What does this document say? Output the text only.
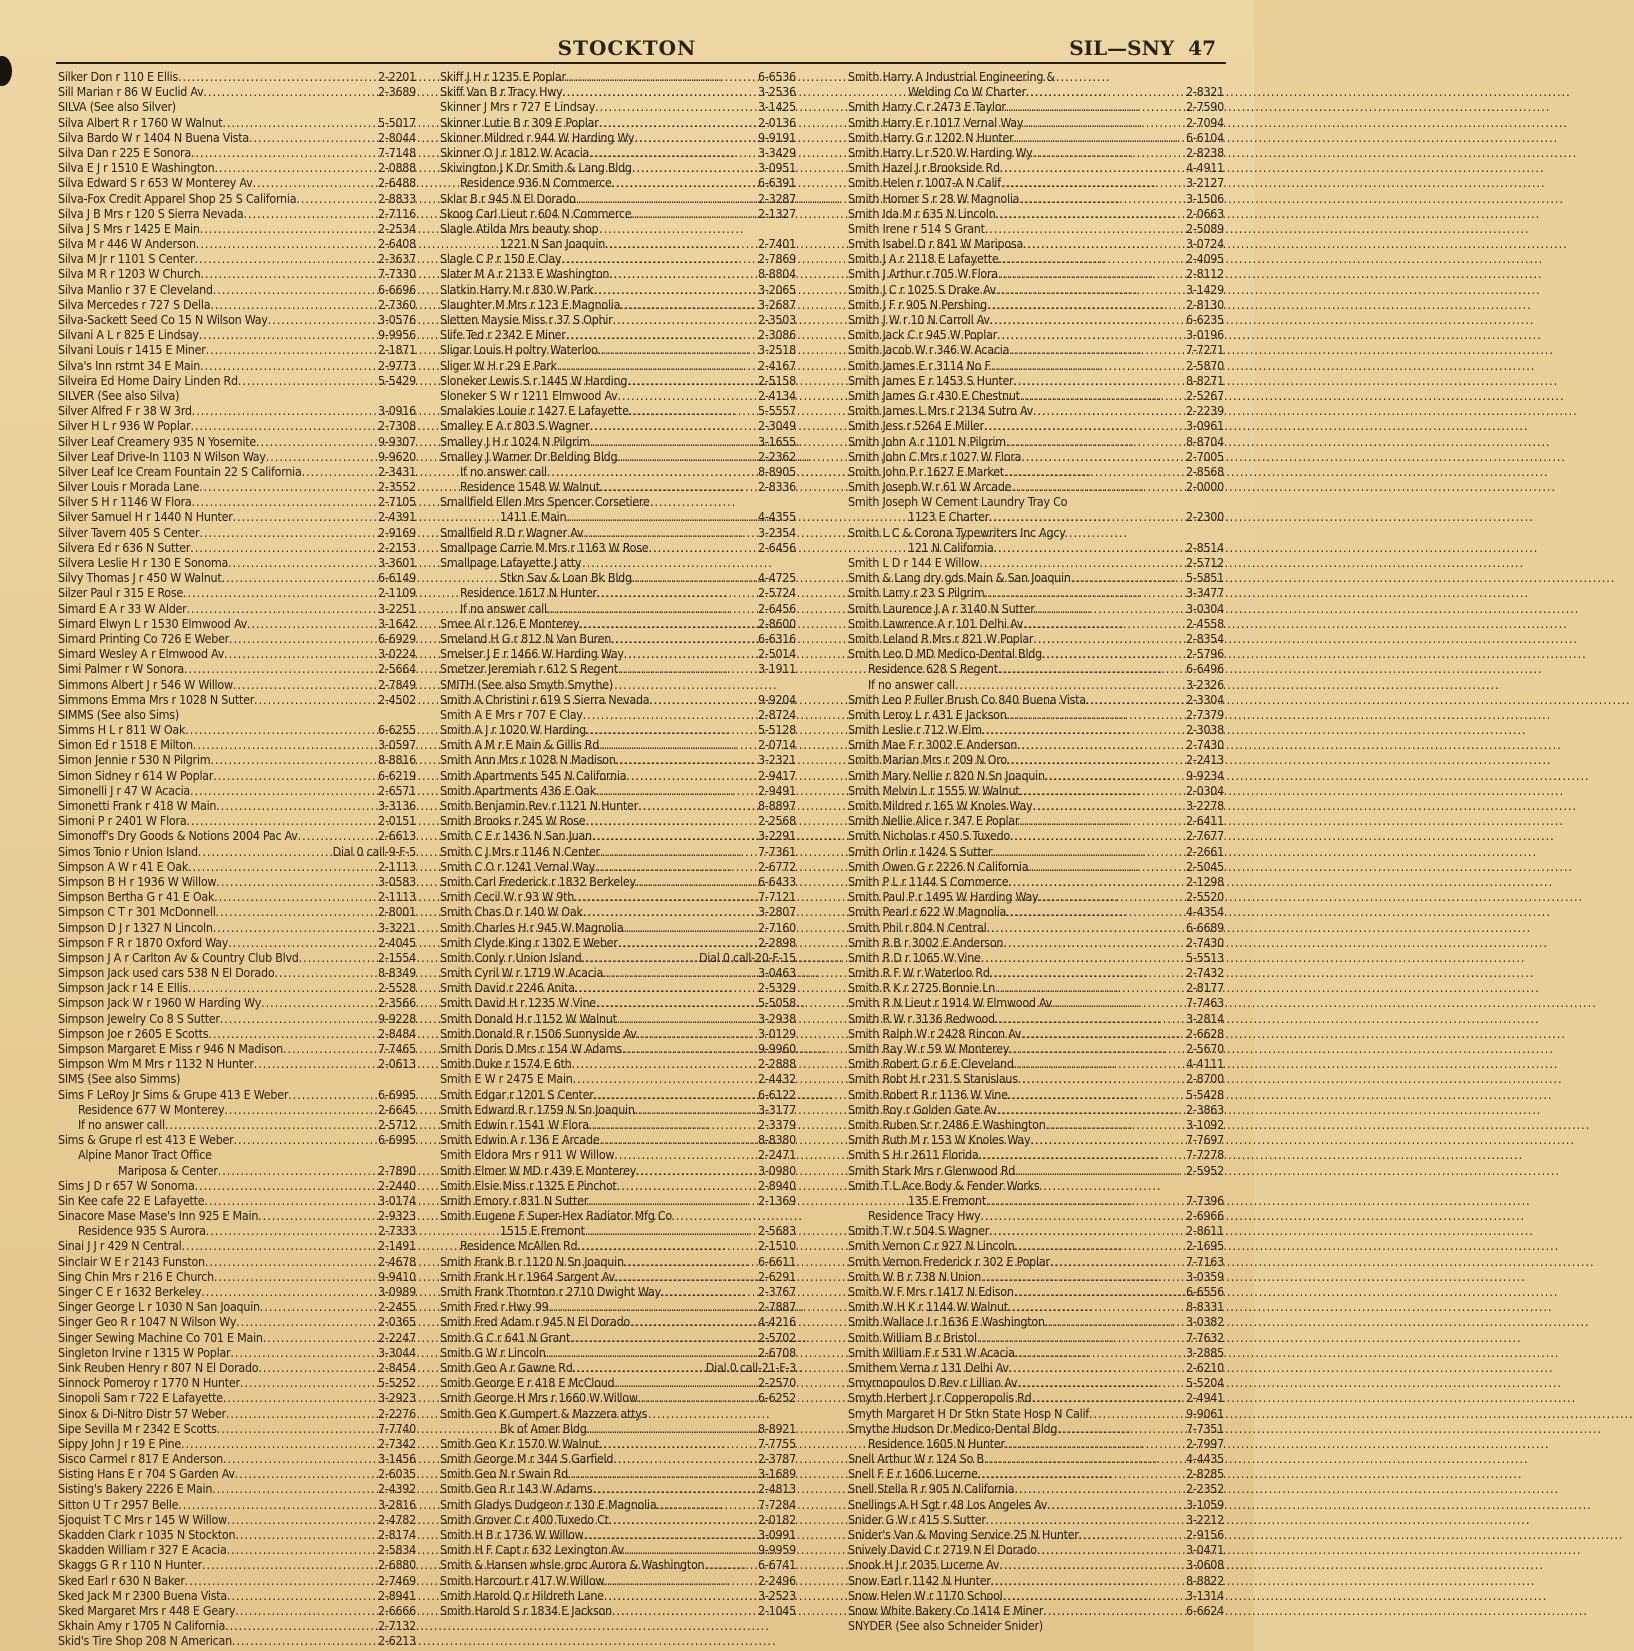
STOCKTON	SIL—SNY 47
Silker Don r 110 E Ellis .....	2-2201
Sill Marian r 86 W Euclid Av .....	2-3689
SILVA (See also Silver)
Silva Albert R r 1760 W Walnut .....	5-5017
Silva Bardo W r 1404 N Buena Vista .....	2-8044
Silva Dan r 225 E Sonora .....	7-7148
Silva E J r 1510 E Washington .....	2-0888
Silva Edward S r 653 W Monterey Av .....	2-6488
Silva-Fox Credit Apparel Shop 25 S California .....	2-8833
Silva J B Mrs r 120 S Sierra Nevada .....	2-7116
Silva J S Mrs r 1425 E Main .....	2-2534
Silva M r 446 W Anderson .....	2-6408
Silva M Jr r 1101 S Center .....	2-3637
Silva M R r 1203 W Church .....	7-7330
Silva Manlio r 37 E Cleveland .....	6-6696
Silva Mercedes r 727 S Della .....	2-7360
Silva-Sackett Seed Co 15 N Wilson Way .....	3-0576
Silvani A L r 825 E Lindsay .....	9-9956
Silvani Louis r 1415 E Miner .....	2-1871
Silva's Inn rstrnt 34 E Main .....	2-9773
Silveira Ed Home Dairy Linden Rd .....	5-5429
SILVER (See also Silva)
Silver Alfred F r 38 W 3rd .....	3-0916
Silver H L r 936 W Poplar .....	2-7308
Silver Leaf Creamery 935 N Yosemite .....	9-9307
Silver Leaf Drive-In 1103 N Wilson Way .....	9-9620
Silver Leaf Ice Cream Fountain 22 S California .....	2-3431
Silver Louis r Morada Lane .....	2-3552
Silver S H r 1146 W Flora .....	2-7105
Silver Samuel H r 1440 N Hunter .....	2-4391
Silver Tavern 405 S Center .....	2-9169
Silvera Ed r 636 N Sutter .....	2-2153
Silvera Leslie H r 130 E Sonoma .....	3-3601
Silvy Thomas J r 450 W Walnut .....	6-6149
Silzer Paul r 315 E Rose .....	2-1109
Simard E A r 33 W Alder .....	3-2251
Simard Elwyn L r 1530 Elmwood Av .....	3-1642
Simard Printing Co 726 E Weber .....	6-6929
Simard Wesley A r Elmwood Av .....	3-0224
Simi Palmer r W Sonora .....	2-5664
Simmons Albert J r 546 W Willow .....	2-7849
Simmons Emma Mrs r 1028 N Sutter .....	2-4502
SIMMS (See also Sims)
Simms H L r 811 W Oak .....	6-6255
Simon Ed r 1518 E Milton .....	3-0597
Simon Jennie r 530 N Pilgrim .....	8-8816
Simon Sidney r 614 W Poplar .....	6-6219
Simonelli J r 47 W Acacia .....	2-6571
Simonetti Frank r 418 W Main .....	3-3136
Simoni P r 2401 W Flora .....	2-0151
Simonoff's Dry Goods & Notions 2004 Pac Av .....	2-6613
Simos Tonio r Union Island .....	Dial 0 call-9-F-5
Simpson A W r 41 E Oak .....	2-1113
Simpson B H r 1936 W Willow .....	3-0583
Simpson Bertha G r 41 E Oak .....	2-1113
Simpson C T r 301 McDonnell .....	2-8001
Simpson D J r 1327 N Lincoln .....	3-3221
Simpson F R r 1870 Oxford Way .....	2-4045
Simpson J A r Carlton Av & Country Club Blvd .....	2-1554
Simpson Jack used cars 538 N El Dorado .....	8-8349
Simpson Jack r 14 E Ellis .....	2-5528
Simpson Jack W r 1960 W Harding Wy .....	2-3566
Simpson Jewelry Co 8 S Sutter .....	9-9228
Simpson Joe r 2605 E Scotts .....	2-8484
Simpson Margaret E Miss r 946 N Madison .....	7-7465
Simpson Wm M Mrs r 1132 N Hunter .....	2-0613
SIMS (See also Simms)
Sims F LeRoy Jr Sims & Grupe 413 E Weber .....	6-6995
Residence 677 W Monterey .....	2-6645
If no answer call .....	2-5712
Sims & Grupe rl est 413 E Weber .....	6-6995
Alpine Manor Tract Office
Mariposa & Center .....	2-7890
Sims J D r 657 W Sonoma .....	2-2440
Sin Kee cafe 22 E Lafayette .....	3-0174
Sinacore Mase Mase's Inn 925 E Main .....	2-9323
Residence 935 S Aurora .....	2-7333
Sinai J J r 429 N Central .....	2-1491
Sinclair W E r 2143 Funston .....	2-4678
Sing Chin Mrs r 216 E Church .....	9-9410
Singer C E r 1632 Berkeley .....	3-0989
Singer George L r 1030 N San Joaquin .....	2-2455
Singer Geo R r 1047 N Wilson Wy .....	2-0365
Singer Sewing Machine Co 701 E Main .....	2-2247
Singleton Irvine r 1315 W Poplar .....	3-3044
Sink Reuben Henry r 807 N El Dorado .....	2-8454
Sinnock Pomeroy r 1770 N Hunter .....	5-5252
Sinopoli Sam r 722 E Lafayette .....	3-2923
Sinox & Di-Nitro Distr 57 Weber .....	2-2276
Sipe Sevilla M r 2342 E Scotts .....	7-7740
Sippy John J r 19 E Pine .....	2-7342
Sisco Carmel r 817 E Anderson .....	3-1456
Sisting Hans E r 704 S Garden Av .....	2-6035
Sisting's Bakery 2226 E Main .....	2-4392
Sitton U T r 2957 Belle .....	3-2816
Sjoquist T C Mrs r 145 W Willow .....	2-4782
Skadden Clark r 1035 N Stockton .....	2-8174
Skadden William r 327 E Acacia .....	2-5834
Skaggs G R r 110 N Hunter .....	2-6880
Sked Earl r 630 N Baker .....	2-7469
Sked Jack M r 2300 Buena Vista .....	2-8941
Sked Margaret Mrs r 448 E Geary .....	2-6666
Skhain Amy r 1705 N California .....	2-7132
Skid's Tire Shop 208 N American .....	2-6213
Skiff J H r 1235 E Poplar .....	6-6536
Skiff Van B r Tracy Hwy .....	3-2536
Skinner J Mrs r 727 E Lindsay .....	3-1425
Skinner Lutie B r 309 E Poplar .....	2-0136
Skinner Mildred r 944 W Harding Wy .....	9-9191
Skinner O J r 1812 W Acacia .....	3-3429
Skivington J K Dr Smith & Lang Bldg .....	3-0951
Residence 936 N Commerce .....	6-6391
Sklar B r 945 N El Dorado .....	2-3287
Skoog Carl Lieut r 604 N Commerce .....	2-1327
Slagle Atilda Mrs beauty shop
1221 N San Joaquin .....	2-7401
Slagle C P r 150 E Clay .....	2-7869
Slater M A r 2133 E Washington .....	8-8804
Slatkin Harry M r 830 W Park .....	3-2065
Slaughter M Mrs r 123 E Magnolia .....	3-2687
Sletten Maysie Miss r 37 S Ophir .....	2-3503
Slife Ted r 2342 E Miner .....	2-3086
Sligar Louis H poltry Waterloo .....	3-2518
Sliger W H r 29 E Park .....	2-4167
Sloneker Lewis S r 1445 W Harding .....	2-5158
Sloneker S W r 1211 Elmwood Av .....	2-4134
Smalakies Louie r 1427 E Lafayette .....	5-5557
Smalley E A r 803 S Wagner .....	2-3049
Smalley J H r 1024 N Pilgrim .....	3-1655
Smalley J Warner Dr Belding Bldg .....	2-2362
If no answer call .....	8-8905
Residence 1548 W Walnut .....	2-8336
Smallfield Ellen Mrs Spencer Corsetiere
1411 E Main .....	4-4355
Smallfield R D r Wagner Av .....	3-2354
Smallpage Carrie M Mrs r 1163 W Rose .....	2-6456
Smallpage Lafayette J atty
Stkn Sav & Loan Bk Bldg .....	4-4725
Residence 1617 N Hunter .....	2-5724
If no answer call .....	2-6456
Smee Al r 126 E Monterey .....	2-8600
Smeland H G r 812 N Van Buren .....	6-6316
Smelser J E r 1466 W Harding Way .....	2-5014
Smetzer Jeremiah r 612 S Regent .....	3-1911
SMITH (See also Smyth Smythe)
Smith A Christini r 619 S Sierra Nevada .....	9-9204
Smith A E Mrs r 707 E Clay .....	2-8724
Smith A J r 1020 W Harding .....	5-5128
Smith A M r E Main & Gillis Rd .....	2-0714
Smith Ann Mrs r 1028 N Madison .....	3-2321
Smith Apartments 545 N California .....	2-9417
Smith Apartments 436 E Oak .....	2-9491
Smith Benjamin Rev r 1121 N Hunter .....	8-8897
Smith Brooks r 245 W Rose .....	2-2568
Smith C E r 1436 N San Juan .....	3-2291
Smith C J Mrs r 1146 N Center .....	7-7361
Smith C O r 1241 Vernal Way .....	2-6772
Smith Carl Frederick r 1832 Berkeley .....	6-6433
Smith Cecil W r 93 W 9th .....	7-7121
Smith Chas D r 140 W Oak .....	3-2807
Smith Charles H r 945 W Magnolia .....	2-7160
Smith Clyde King r 1302 E Weber .....	2-2898
Smith Conly r Union Island .....	Dial 0 call-20-F-15
Smith Cyril W r 1719 W Acacia .....	3-0463
Smith David r 2246 Anita .....	2-5329
Smith David H r 1235 W Vine .....	5-5058
Smith Donald H r 1152 W Walnut .....	3-2938
Smith Donald R r 1506 Sunnyside Av .....	3-0129
Smith Doris D Mrs r 154 W Adams .....	9-9960
Smith Duke r 1574 E 6th .....	2-2888
Smith E W r 2475 E Main .....	2-4432
Smith Edgar r 1201 S Center .....	6-6122
Smith Edward R r 1759 N Sn Joaquin .....	3-3177
Smith Edwin r 1541 W Flora .....	2-3379
Smith Edwin A r 136 E Arcade .....	8-8380
Smith Eldora Mrs r 911 W Willow .....	2-2471
Smith Elmer W MD r 439 E Monterey .....	3-0980
Smith Elsie Miss r 1325 E Pinchot .....	2-8940
Smith Emory r 831 N Sutter .....	2-1369
Smith Eugene F Super-Hex Radiator Mfg Co
1515 E Fremont .....	2-5683
Residence McAllen Rd .....	2-1510
Smith Frank B r 1120 N Sn Joaquin .....	6-6611
Smith Frank H r 1964 Sargent Av .....	2-6291
Smith Frank Thornton r 2710 Dwight Way .....	2-3767
Smith Fred r Hwy 99 .....	2-7887
Smith Fred Adam r 945 N El Dorado .....	4-4216
Smith G C r 641 N Grant .....	2-5702
Smith G W r Lincoln .....	2-6708
Smith Geo A r Gawne Rd .....	Dial 0 call-21-F-3
Smith George E r 418 E McCloud .....	2-2570
Smith George H Mrs r 1660 W Willow .....	6-6252
Smith Geo K Gumpert & Mazzera attys
Bk of Amer Bldg .....	8-8921
Smith Geo K r 1570 W Walnut .....	7-7755
Smith George M r 344 S Garfield .....	2-3787
Smith Geo N r Swain Rd .....	3-1689
Smith Geo R r 143 W Adams .....	2-4813
Smith Gladys Dudgeon r 130 E Magnolia .....	7-7284
Smith Grover C r 400 Tuxedo Ct .....	2-0182
Smith H B r 1736 W Willow .....	3-0991
Smith H F Capt r 632 Lexington Av .....	9-9959
Smith & Hansen whsle groc Aurora & Washington .....	6-6741
Smith Harcourt r 417 W Willow .....	2-2496
Smith Harold Q r Hildreth Lane .....	3-2523
Smith Harold S r 1834 E Jackson .....	2-1045
Smith Harry A Industrial Engineering &
Welding Co W Charter .....	2-8321
Smith Harry C r 2473 E Taylor .....	2-7590
Smith Harry E r 1017 Vernal Way .....	2-7094
Smith Harry G r 1202 N Hunter .....	6-6104
Smith Harry L r 520 W Harding Wy .....	2-8238
Smith Hazel J r Brookside Rd .....	4-4911
Smith Helen r 1007-A N Calif .....	3-2127
Smith Homer S r 28 W Magnolia .....	3-1506
Smith Ida M r 635 N Lincoln .....	2-0663
Smith Irene r 514 S Grant .....	2-5089
Smith Isabel D r 841 W Mariposa .....	3-0724
Smith J A r 2118 E Lafayette .....	2-4095
Smith J Arthur r 705 W Flora .....	2-8112
Smith J C r 1025 S Drake Av .....	3-1429
Smith J F r 905 N Pershing .....	2-8130
Smith J W r 10 N Carroll Av .....	6-6235
Smith Jack C r 945 W Poplar .....	3-0196
Smith Jacob W r 346 W Acacia .....	7-7271
Smith James E r 3114 No F .....	2-5870
Smith James E r 1453 S Hunter .....	8-8271
Smith James G r 430 E Chestnut .....	2-5267
Smith James L Mrs r 2134 Sutro Av .....	2-2239
Smith Jess r 5264 E Miller .....	3-0961
Smith John A r 1101 N Pilgrim .....	8-8704
Smith John C Mrs r 1027 W Flora .....	2-7005
Smith John P r 1627 E Market .....	2-8568
Smith Joseph W r 61 W Arcade .....	2-0000
Smith Joseph W Cement Laundry Tray Co
1123 E Charter .....	2-2300
Smith L C & Corona Typewriters Inc Agcy
121 N California .....	2-8514
Smith L D r 144 E Willow .....	2-5712
Smith & Lang dry gds Main & San Joaquin .....	5-5851
Smith Larry r 23 S Pilgrim .....	3-3477
Smith Laurence J A r 3140 N Sutter .....	3-0304
Smith Lawrence A r 101 Delhi Av .....	2-4558
Smith Leland R Mrs r 821 W Poplar .....	2-8354
Smith Leo D MD Medico-Dental Bldg .....	2-5796
Residence 628 S Regent .....	6-6496
If no answer call .....	3-2326
Smith Leo P Fuller Brush Co 840 Buena Vista .....	2-3304
Smith Leroy L r 431 E Jackson .....	2-7379
Smith Leslie r 712 W Elm .....	2-3038
Smith Mae F r 3002 E Anderson .....	2-7430
Smith Marian Mrs r 209 N Oro .....	2-2413
Smith Mary Nellie r 820 N Sn Joaquin .....	9-9234
Smith Melvin L r 1555 W Walnut .....	2-0304
Smith Mildred r 165 W Knoles Way .....	3-2278
Smith Nellie Alice r 347 E Poplar .....	2-6411
Smith Nicholas r 450 S Tuxedo .....	2-7677
Smith Orlin r 1424 S Sutter .....	2-2661
Smith Owen G r 2226 N California .....	2-5045
Smith P L r 1144 S Commerce .....	2-1298
Smith Paul P r 1495 W Harding Way .....	2-5520
Smith Pearl r 622 W Magnolia .....	4-4354
Smith Phil r 804 N Central .....	6-6689
Smith R B r 3002 E Anderson .....	2-7430
Smith R D r 1065 W Vine .....	5-5513
Smith R F W r Waterloo Rd .....	2-7432
Smith R K r 2725 Bonnie Ln .....	2-8177
Smith R N Lieut r 1914 W Elmwood Av .....	7-7463
Smith R W r 3136 Redwood .....	3-2814
Smith Ralph W r 2428 Rincon Av .....	2-6628
Smith Ray W r 59 W Monterey .....	2-5670
Smith Robert G r 6 E Cleveland .....	4-4111
Smith Robt H r 231 S Stanislaus .....	2-8700
Smith Robert R r 1136 W Vine .....	5-5428
Smith Roy r Golden Gate Av .....	2-3863
Smith Ruben Sr r 2486 E Washington .....	3-1092
Smith Ruth M r 153 W Knoles Way .....	7-7697
Smith S H r 2611 Florida .....	7-7278
Smith Stark Mrs r Glenwood Rd .....	2-5952
Smith T L Ace Body & Fender Works
135 E Fremont .....	7-7396
Residence Tracy Hwy .....	2-6966
Smith T W r 504 S Wagner .....	2-8611
Smith Vernon C r 927 N Lincoln .....	2-1695
Smith Vernon Frederick r 302 E Poplar .....	7-7163
Smith W B r 738 N Union .....	3-0359
Smith W F Mrs r 1417 N Edison .....	6-6556
Smith W H K r 1144 W Walnut .....	8-8331
Smith Wallace I r 1636 E Washington .....	3-0382
Smith William B r Bristol .....	7-7632
Smith William F r 531 W Acacia .....	3-2885
Smithem Verna r 131 Delhi Av .....	2-6210
Smyrnopoulos D Rev r Lillian Av .....	5-5204
Smyth Herbert J r Copperopolis Rd .....	2-4941
Smyth Margaret H Dr Stkn State Hosp N Calif .....	9-9061
Smythe Hudson Dr Medico-Dental Bldg .....	7-7351
Residence 1605 N Hunter .....	2-7997
Snell Arthur W r 124 So B .....	4-4435
Snell F E r 1606 Lucerne .....	2-8285
Snell Stella R r 905 N California .....	2-2352
Snellings A H Sgt r 48 Los Angeles Av .....	3-1059
Snider G W r 415 S Sutter .....	3-2212
Snider's Van & Moving Service 25 N Hunter .....	2-9156
Snively David C r 2719 N El Dorado .....	3-0471
Snook H J r 2035 Lucerne Av .....	3-0608
Snow Earl r 1142 N Hunter .....	8-8822
Snow Helen W r 1170 School .....	3-1314
Snow White Bakery Co 1414 E Miner .....	6-6624
SNYDER (See also Schneider Snider)
